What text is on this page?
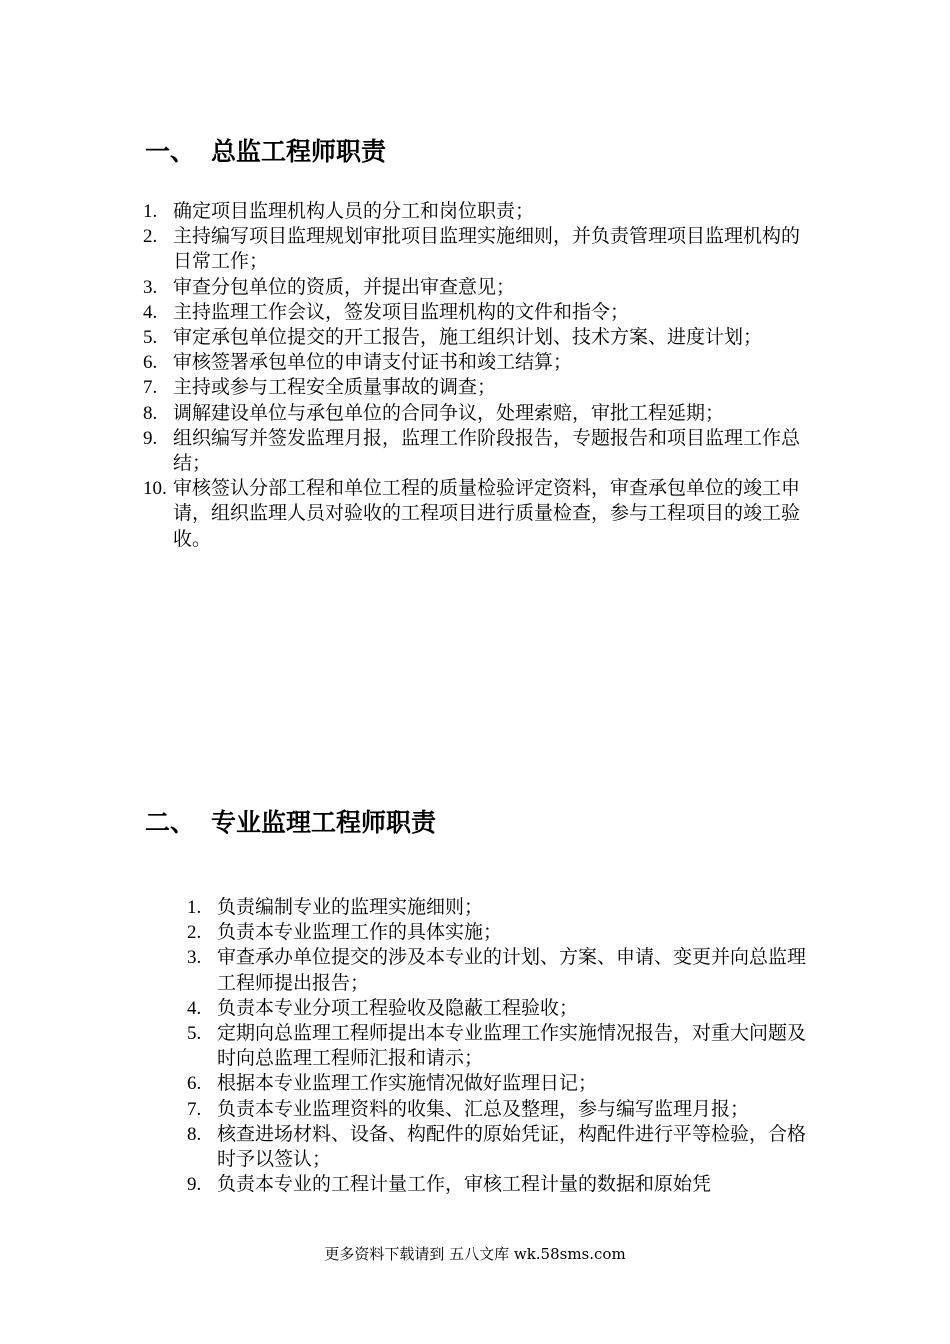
一、 总监工程师职责
1. 确定项目监理机构人员的分工和岗位职责；
2. 主持编写项目监理规划审批项目监理实施细则，并负责管理项目监理机构的日常工作；
3. 审查分包单位的资质，并提出审查意见；
4. 主持监理工作会议，签发项目监理机构的文件和指令；
5. 审定承包单位提交的开工报告，施工组织计划、技术方案、进度计划；
6. 审核签署承包单位的申请支付证书和竣工结算；
7. 主持或参与工程安全质量事故的调查；
8. 调解建设单位与承包单位的合同争议，处理索赔，审批工程延期；
9. 组织编写并签发监理月报，监理工作阶段报告，专题报告和项目监理工作总结；
10. 审核签认分部工程和单位工程的质量检验评定资料，审查承包单位的竣工申请，组织监理人员对验收的工程项目进行质量检查，参与工程项目的竣工验收。
二、 专业监理工程师职责
1. 负责编制专业的监理实施细则；
2. 负责本专业监理工作的具体实施；
3. 审查承办单位提交的涉及本专业的计划、方案、申请、变更并向总监理工程师提出报告；
4. 负责本专业分项工程验收及隐蔽工程验收；
5. 定期向总监理工程师提出本专业监理工作实施情况报告，对重大问题及时向总监理工程师汇报和请示；
6. 根据本专业监理工作实施情况做好监理日记；
7. 负责本专业监理资料的收集、汇总及整理，参与编写监理月报；
8. 核查进场材料、设备、构配件的原始凭证，构配件进行平等检验，合格时予以签认；
9. 负责本专业的工程计量工作，审核工程计量的数据和原始凭
更多资料下载请到 五八文库 wk.58sms.com
